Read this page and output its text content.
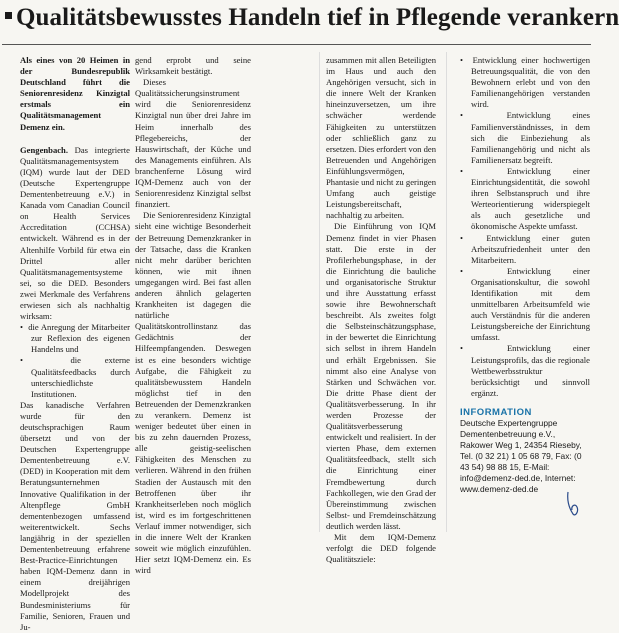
Qualitätsbewusstes Handeln tief in Pflegende verankern

Als eines von 20 Heimen in der Bundesrepublik Deutschland führt die Seniorenresidenz Kinzigtal erstmals ein Qualitätsmanagement Demenz ein.

Gengenbach. Das integrierte Qualitätsmanagementsystem (IQM) wurde laut der DED (Deutsche Expertengruppe Dementenbetreuung e.V.) in Kanada vom Canadian Council on Health Services Accreditation (CCHSA) entwickelt. Während es in der Altenhilfe Vorbild für etwa ein Drittel aller Qualitätsmanagementsysteme sei, so die DED. Besonders zwei Merkmale des Verfahrens erwiesen sich als nachhaltig wirksam:

•  die Anregung der Mitarbeiter zur Reflexion des eigenen Handelns und

•  die externe Qualitätsfeedbacks durch unterschiedlichste Institutionen.

Das kanadische Verfahren wurde für den deutschsprachigen Raum übersetzt und von der Deutschen Expertengruppe Dementenbetreuung e.V. (DED) in Kooperation mit dem Beratungsunternehmen Innovative Qualifikation in der Altenpflege GmbH dementenbezogen umfassend weiterentwickelt. Sechs langjährig in der speziellen Dementenbetreuung erfahrene Best-Practice-Einrichtungen haben IQM-Demenz dann in einem dreijährigen Modellprojekt des Bundesministeriums für Familie, Senioren, Frauen und Ju-

gend erprobt und seine Wirksamkeit bestätigt.

Dieses Qualitätssicherungsinstrument wird die Seniorenresidenz Kinzigtal nun über drei Jahre im Heim innerhalb des Pflegebereichs, der Hauswirtschaft, der Küche und des Managements einführen. Als branchenferne Lösung wird IQM-Demenz auch von der Seniorenresidenz Kinzigtal selbst finanziert.

Die Seniorenresidenz Kinzigtal sieht eine wichtige Besonderheit der Betreuung Demenzkranker in der Tatsache, dass die Kranken nicht mehr darüber berichten können, wie mit ihnen umgegangen wird. Bei fast allen anderen ähnlich gelagerten Krankheiten ist dagegen die natürliche Qualitätskontrollinstanz das Gedächtnis der Hilfeempfangenden. Deswegen ist es eine besonders wichtige Aufgabe, die Fähigkeit zu qualitätsbewusstem Handeln möglichst tief in den Betreuenden der Demenzkranken zu verankern. Demenz ist weniger bedeutet über einen in bis zu zehn dauernden Prozess, alle geistig-seelischen Fähigkeiten des Menschen zu verlieren. Während in den frühen Stadien der Austausch mit den Betroffenen über ihr Krankheitserleben noch möglich ist, wird es im fortgeschrittenen Verlauf immer notwendiger, sich in die innere Welt der Kranken soweit wie möglich einzufühlen. Hier setzt IQM-Demenz ein. Es wird

zusammen mit allen Beteiligten im Haus und auch den Angehörigen versucht, sich in die innere Welt der Kranken hineinzuversetzen, um ihre schwächer werdende Fähigkeiten zu unterstützen oder schließlich ganz zu ersetzen. Dies erfordert von den Betreuenden und Angehörigen Einfühlungsvermögen, Phantasie und nicht zu geringen Umfang auch geistige Leistungsbereitschaft, nachhaltig zu arbeiten.

Die Einführung von IQM Demenz findet in vier Phasen statt. Die erste in der Profilerhebungsphase, in der die Einrichtung die bauliche und organisatorische Struktur und ihre Ausstattung erfasst sowie ihre Bewohnerschaft beschreibt. Als zweites folgt die Selbsteinschätzungsphase, in der bewertet die Einrichtung sich selbst in ihrem Handeln und erhält Ergebnissen. Sie nimmt also eine Analyse von Stärken und Schwächen vor. Die dritte Phase dient der Qualitätsverbesserung. In ihr werden Prozesse der Qualitätsverbesserung entwickelt und realisiert. In der vierten Phase, dem externen Qualitätsfeedback, stellt sich die Einrichtung einer Fremdbewertung durch Fachkollegen, wie den Grad der Übereinstimmung zwischen Selbst- und Fremdeinschätzung deutlich werden lässt.

Mit dem IQM-Demenz verfolgt die DED folgende Qualitätsziele:

•  Entwicklung einer hochwertigen Betreuungsqualität, die von den Bewohnern erlebt und von den Familienangehörigen verstanden wird.

•  Entwicklung eines Familienverständnisses, in dem sich die Einbeziehung als Familienangehörig und nicht als Familienersatz begreift.

•  Entwicklung einer Einrichtungsidentität, die sowohl ihren Selbstanspruch und ihre Werteorientierung widerspiegelt als auch gesetzliche und ökonomische Aspekte umfasst.

•  Entwicklung einer guten Arbeitszufriedenheit unter den Mitarbeitern.

•  Entwicklung einer Organisationskultur, die sowohl Identifikation mit dem unmittelbaren Arbeitsumfeld wie auch Verständnis für die anderen Leistungsbereiche der Einrichtung umfasst.

•  Entwicklung einer Leistungsprofils, das die regionale Wettbewerbsstruktur berücksichtigt und sinnvoll ergänzt.

INFORMATION
Deutsche Expertengruppe Dementenbetreuung e.V., Rakower Weg 1, 24354 Rieseby, Tel. (0 32 21) 1 05 68 79, Fax: (0 43 54) 98 88 15, E-Mail: info@demenz-ded.de, Internet: www.demenz-ded.de
